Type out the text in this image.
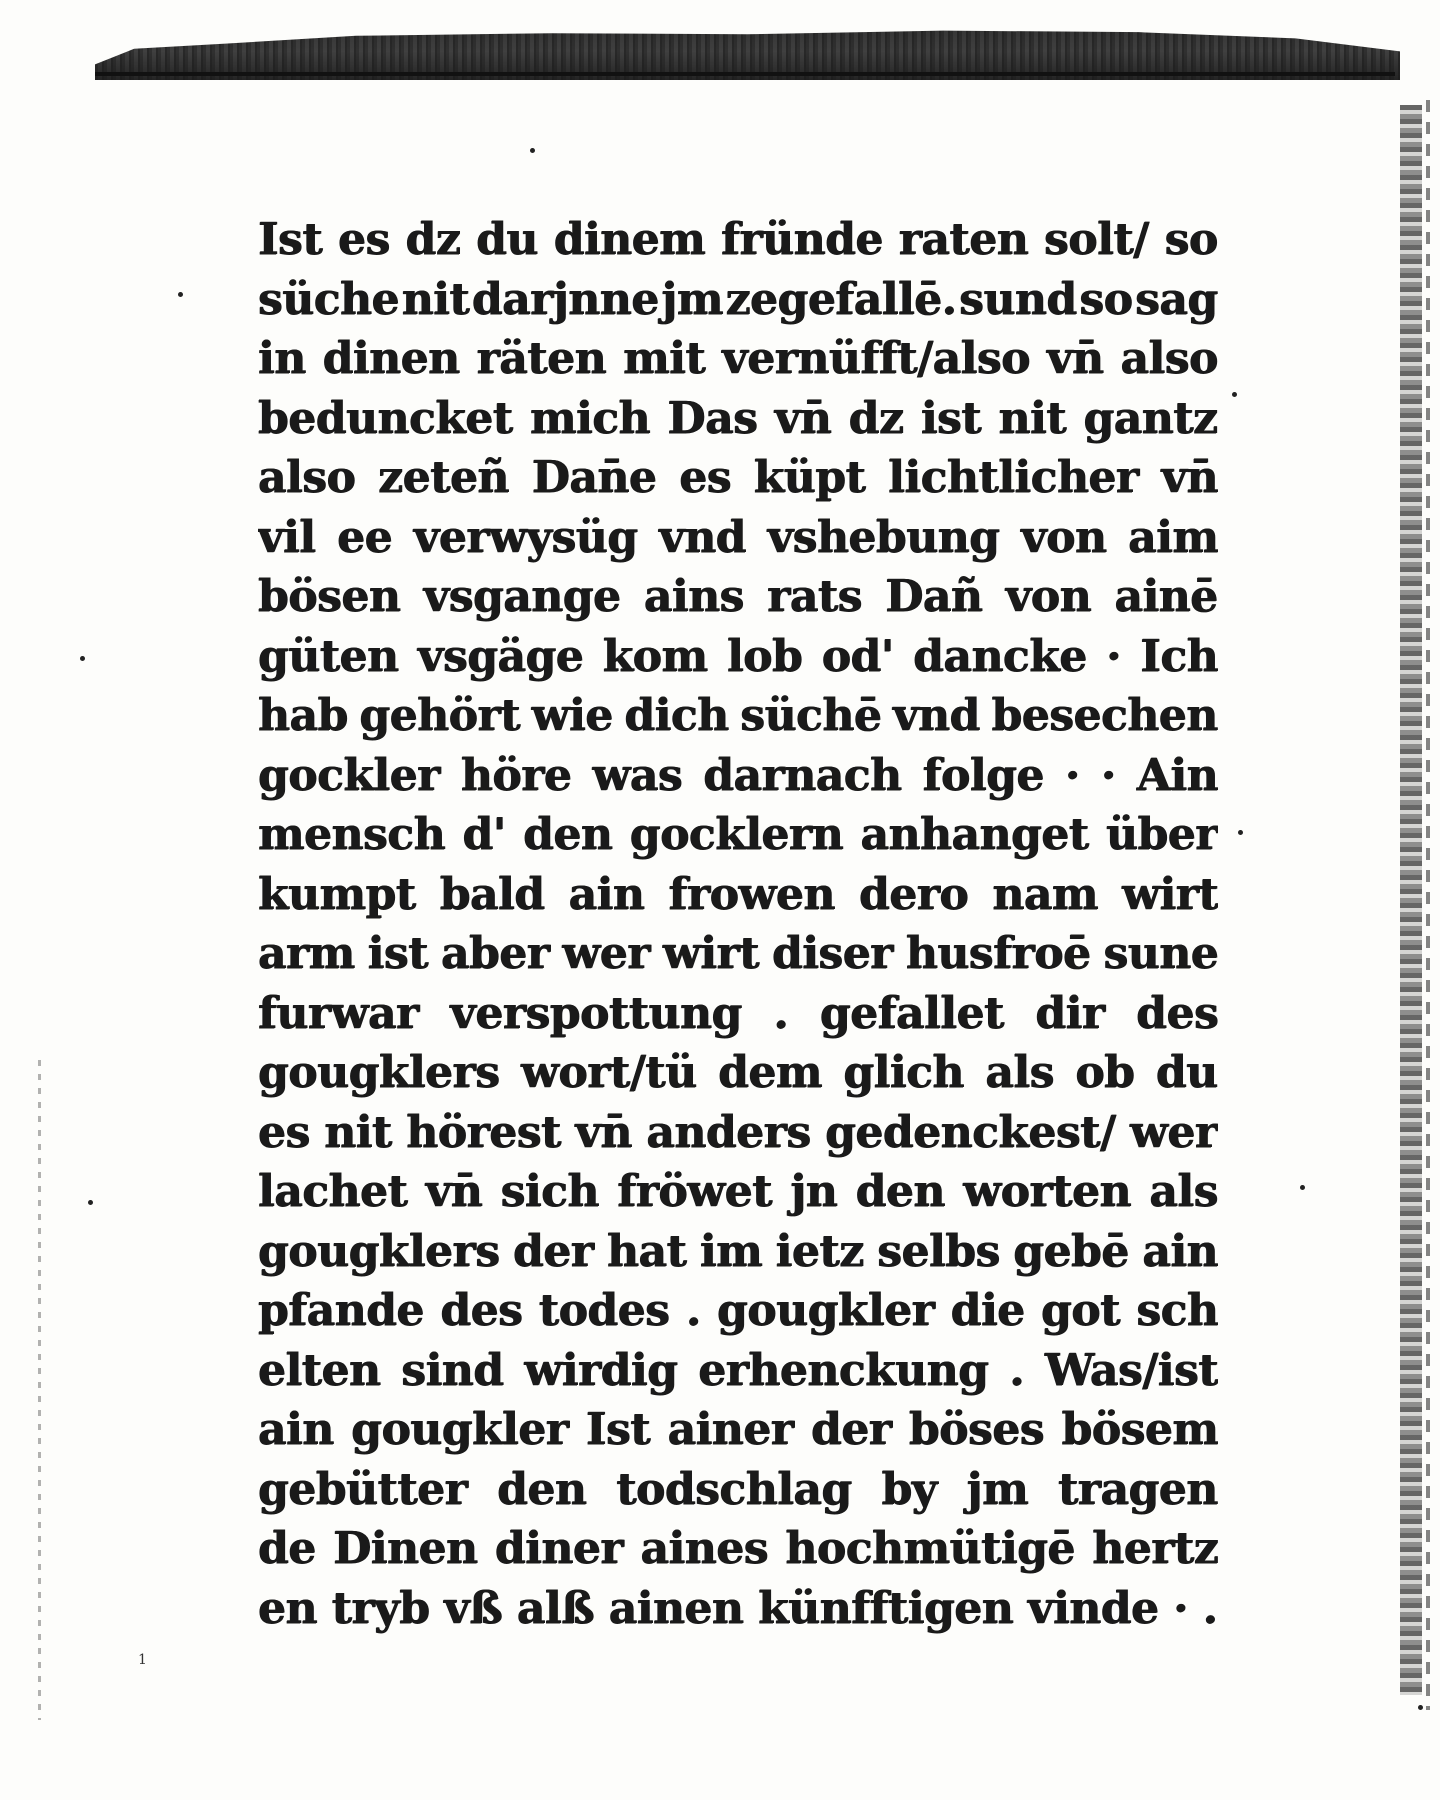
Ist es dz du dinem fründe raten solt/ so
süche nit darjnne jm zegefallē. sund so sag
in dinen räten mit vernüfft/also vn̄ also
beduncket mich Das vn̄ dz ist nit gantz
also zeteñ Dan̄e es küpt lichtlicher vn̄
vil ee verwysüg vnd vshebung von aim
bösen vsgange ains rats Dañ von ainē
güten vsgäge kom lob od' dancke · Ich
hab gehört wie dich süchē vnd besechen
gockler höre was darnach folge · · Ain
mensch d' den gocklern anhanget über
kumpt bald ain frowen dero nam wirt
arm ist aber wer wirt diser husfroē sune
furwar verspottung . gefallet dir des
gougklers wort/tü dem glich als ob du
es nit hörest vn̄ anders gedenckest/ wer
lachet vn̄ sich fröwet jn den worten als
gougklers der hat im ietz selbs gebē ain
pfande des todes . gougkler die got sch
elten sind wirdig erhenckung . Was/ist
ain gougkler Ist ainer der böses bösem
gebütter den todschlag by jm tragen
de Dinen diner aines hochmütigē hertz
en tryb vß alß ainen künfftigen vinde · .
1
